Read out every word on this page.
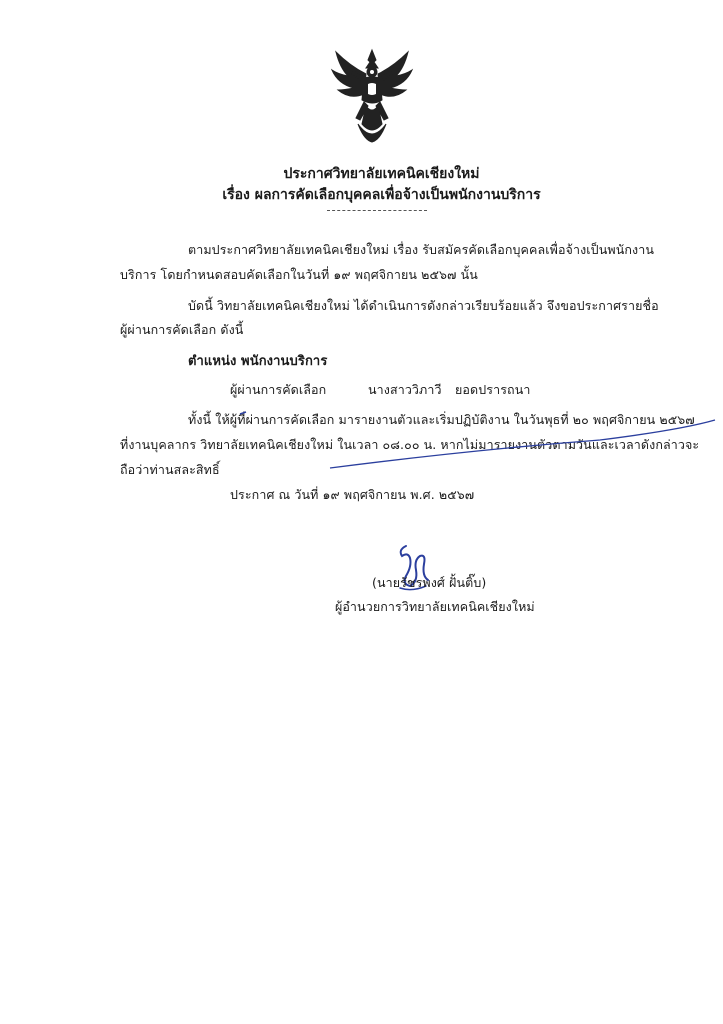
ประกาศวิทยาลัยเทคนิคเชียงใหม่
เรื่อง ผลการคัดเลือกบุคคลเพื่อจ้างเป็นพนักงานบริการ
ตามประกาศวิทยาลัยเทคนิคเชียงใหม่ เรื่อง รับสมัครคัดเลือกบุคคลเพื่อจ้างเป็นพนักงาน
บริการ โดยกำหนดสอบคัดเลือกในวันที่ ๑๙ พฤศจิกายน ๒๕๖๗ นั้น
บัดนี้ วิทยาลัยเทคนิคเชียงใหม่ ได้ดำเนินการดังกล่าวเรียบร้อยแล้ว จึงขอประกาศรายชื่อ
ผู้ผ่านการคัดเลือก ดังนี้
ตำแหน่ง พนักงานบริการ
ผู้ผ่านการคัดเลือก	นางสาววิภาวี ยอดปรารถนา
ทั้งนี้ ให้ผู้ที่ผ่านการคัดเลือก มารายงานตัวและเริ่มปฏิบัติงาน ในวันพุธที่ ๒๐ พฤศจิกายน ๒๕๖๗
ที่งานบุคลากร วิทยาลัยเทคนิคเชียงใหม่ ในเวลา ๐๘.๐๐ น. หากไม่มารายงานตัวตามวันและเวลาดังกล่าวจะ
ถือว่าท่านสละสิทธิ์
ประกาศ ณ วันที่ ๑๙ พฤศจิกายน พ.ศ. ๒๕๖๗
(นายรัชรพงศ์ ฝั้นติ๊บ)
ผู้อำนวยการวิทยาลัยเทคนิคเชียงใหม่
